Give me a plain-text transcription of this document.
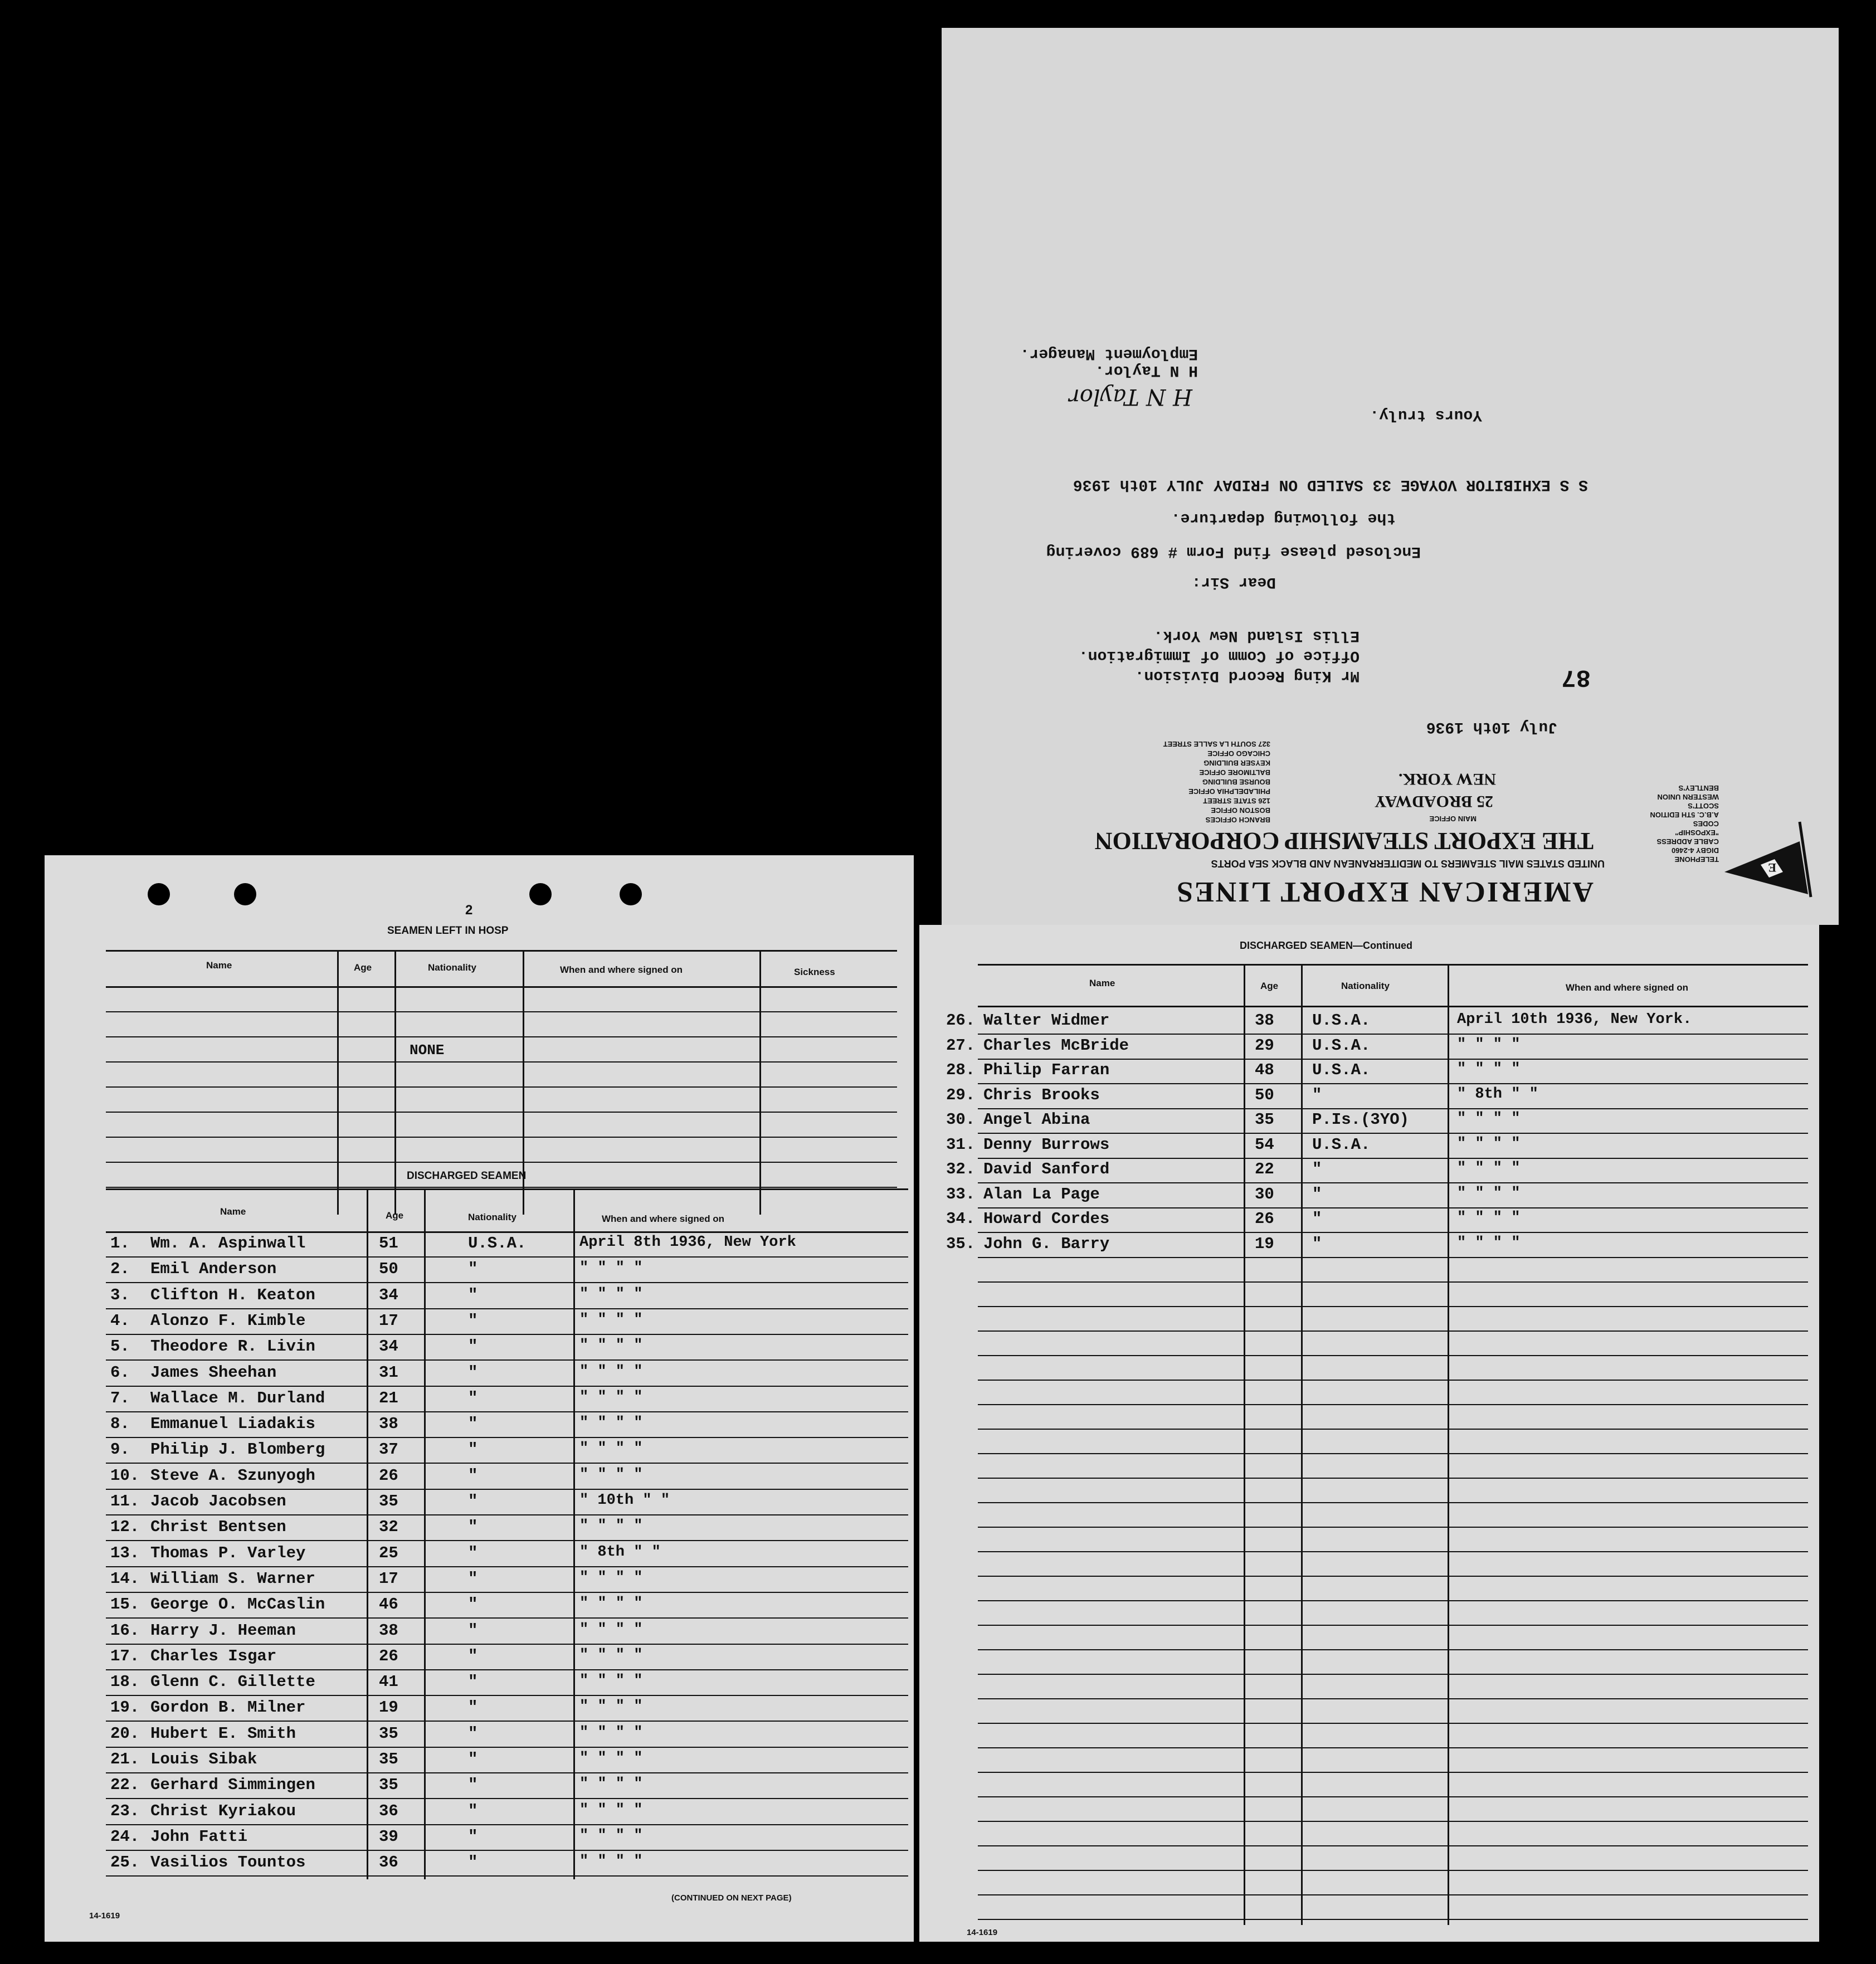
E
AMERICAN EXPORT LINES
UNITED STATES MAIL STEAMERS TO MEDITERRANEAN AND BLACK SEA PORTS
THE EXPORT STEAMSHIP CORPORATION
TELEPHONE
DIGBY 4-2460
CABLE ADDRESS
"EXPOSHIP"
CODES
A.B.C. 5TH EDITION
SCOTT'S
WESTERN UNION
BENTLEY'S
MAIN OFFICE
25 BROADWAY
NEW YORK.
BRANCH OFFICES
BOSTON OFFICE
126 STATE STREET
PHILADELPHIA OFFICE
BOURSE BUILDING
BALTIMORE OFFICE
KEYSER BUILDING
CHICAGO OFFICE
327 SOUTH LA SALLE STREET
July 10th 1936
87
Mr King Record Division.
Office of Comm of Immigration.
Ellis Island New York.
Dear Sir:
Enclosed please find Form # 689 covering
the following departure.
S S EXHIBITOR VOYAGE 33 SAILED ON FRIDAY JULY 10th 1936
Yours truly.
H N Taylor
H N Taylor.
Employment Manager.
2
SEAMEN LEFT IN HOSP
Name	Age	Nationality	When and where signed on	Sickness
NONE
DISCHARGED SEAMEN
Name	Age	Nationality	When and where signed on
1. Wm. A. Aspinwall	51	U.S.A.	April 8th 1936, New York
2. Emil Anderson	50	"	" " " "
3. Clifton H. Keaton	34	"	" " " "
4. Alonzo F. Kimble	17	"	" " " "
5. Theodore R. Livin	34	"	" " " "
6. James Sheehan	31	"	" " " "
7. Wallace M. Durland	21	"	" " " "
8. Emmanuel Liadakis	38	"	" " " "
9. Philip J. Blomberg	37	"	" " " "
10. Steve A. Szunyogh	26	"	" " " "
11. Jacob Jacobsen	35	"	" 10th " "
12. Christ Bentsen	32	"	" " " "
13. Thomas P. Varley	25	"	" 8th " "
14. William S. Warner	17	"	" " " "
15. George O. McCaslin	46	"	" " " "
16. Harry J. Heeman	38	"	" " " "
17. Charles Isgar	26	"	" " " "
18. Glenn C. Gillette	41	"	" " " "
19. Gordon B. Milner	19	"	" " " "
20. Hubert E. Smith	35	"	" " " "
21. Louis Sibak	35	"	" " " "
22. Gerhard Simmingen	35	"	" " " "
23. Christ Kyriakou	36	"	" " " "
24. John Fatti	39	"	" " " "
25. Vasilios Tountos	36	"	" " " "
14-1619
(CONTINUED ON NEXT PAGE)
DISCHARGED SEAMEN—Continued
Name	Age	Nationality	When and where signed on
26. Walter Widmer	38 U.S.A.	April 10th 1936, New York.
27. Charles McBride	29 U.S.A.	" " " "
28. Philip Farran	48 U.S.A.	" " " "
29. Chris Brooks	50 "	" 8th " "
30. Angel Abina	35 P.Is.(3YO)	" " " "
31. Denny Burrows	54 U.S.A.	" " " "
32. David Sanford	22 "	" " " "
33. Alan La Page	30 "	" " " "
34. Howard Cordes	26 "	" " " "
35. John G. Barry	19 "	" " " "
14-1619
